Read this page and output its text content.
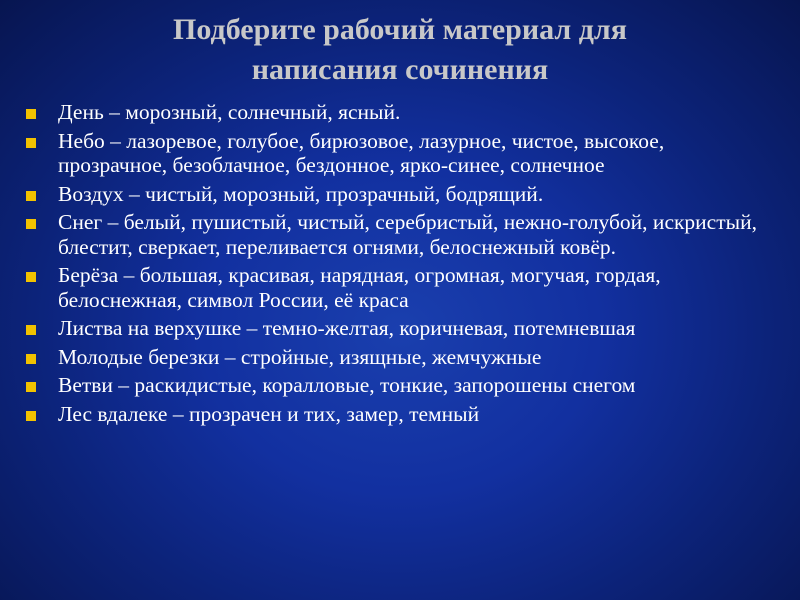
Подберите рабочий материал для
написания сочинения
День – морозный, солнечный, ясный.
Небо – лазоревое, голубое, бирюзовое, лазурное, чистое, высокое, прозрачное, безоблачное, бездонное, ярко-синее, солнечное
Воздух – чистый, морозный, прозрачный, бодрящий.
Снег – белый, пушистый, чистый, серебристый, нежно-голубой, искристый, блестит, сверкает, переливается огнями, белоснежный ковёр.
Берёза – большая, красивая, нарядная, огромная, могучая, гордая, белоснежная, символ России, её краса
Листва на верхушке – темно-желтая, коричневая, потемневшая
Молодые березки – стройные, изящные, жемчужные
Ветви – раскидистые, коралловые, тонкие, запорошены снегом
Лес вдалеке – прозрачен и тих, замер, темный
